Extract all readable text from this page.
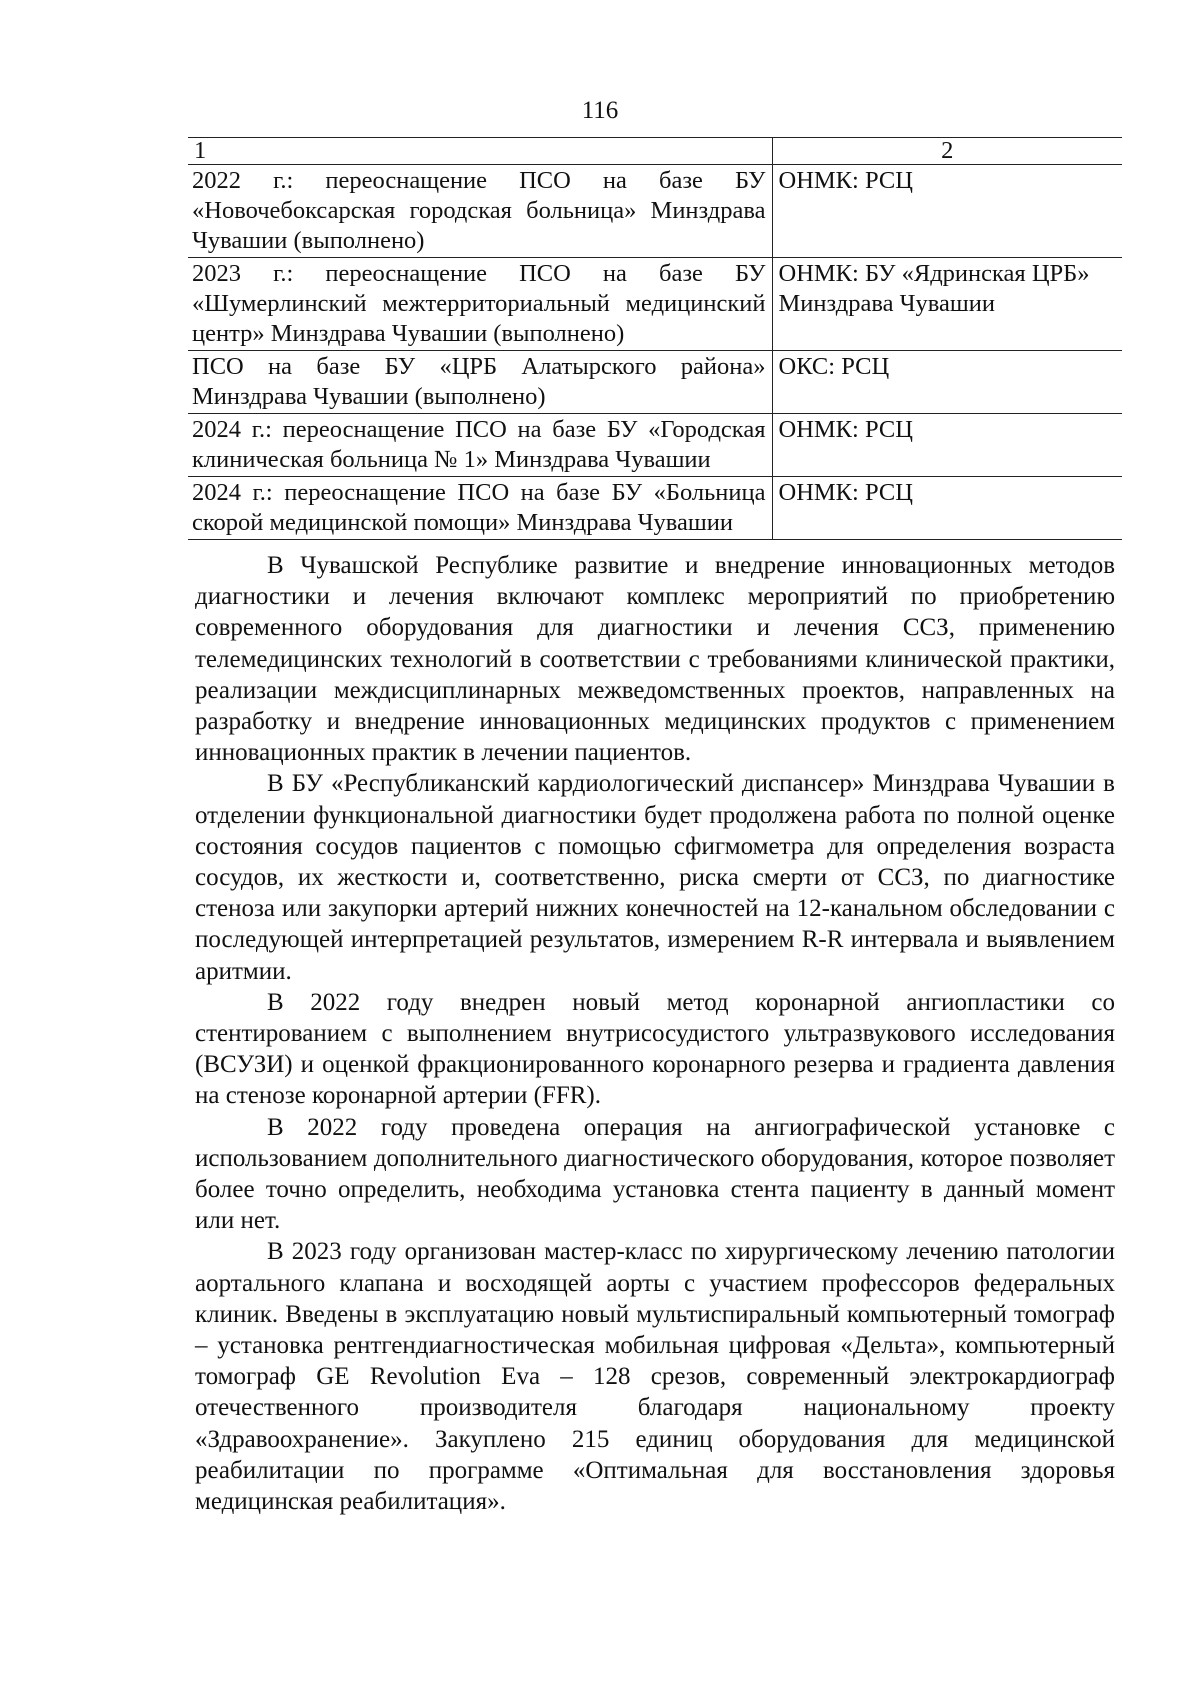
116
1	2
2022 г.: переоснащение ПСО на базе БУ «Новочебоксарская городская больница» Минздрава Чувашии (выполнено)	ОНМК: РСЦ
2023 г.: переоснащение ПСО на базе БУ «Шумерлинский межтерриториальный медицинский центр» Минздрава Чувашии (выполнено)	ОНМК: БУ «Ядринская ЦРБ» Минздрава Чувашии
ПСО на базе БУ «ЦРБ Алатырского района» Минздрава Чувашии (выполнено)	ОКС: РСЦ
2024 г.: переоснащение ПСО на базе БУ «Городская клиническая больница № 1» Минздрава Чувашии	ОНМК: РСЦ
2024 г.: переоснащение ПСО на базе БУ «Больница скорой медицинской помощи» Минздрава Чувашии	ОНМК: РСЦ

В Чувашской Республике развитие и внедрение инновационных методов диагностики и лечения включают комплекс мероприятий по приобретению современного оборудования для диагностики и лечения ССЗ, применению телемедицинских технологий в соответствии с требованиями клинической практики, реализации междисциплинарных межведомственных проектов, направленных на разработку и внедрение инновационных медицинских продуктов с применением инновационных практик в лечении пациентов.

В БУ «Республиканский кардиологический диспансер» Минздрава Чувашии в отделении функциональной диагностики будет продолжена работа по полной оценке состояния сосудов пациентов с помощью сфигмометра для определения возраста сосудов, их жесткости и, соответственно, риска смерти от ССЗ, по диагностике стеноза или закупорки артерий нижних конечностей на 12-канальном обследовании с последующей интерпретацией результатов, измерением R-R интервала и выявлением аритмии.

В 2022 году внедрен новый метод коронарной ангиопластики со стентированием с выполнением внутрисосудистого ультразвукового исследования (ВСУЗИ) и оценкой фракционированного коронарного резерва и градиента давления на стенозе коронарной артерии (FFR).

В 2022 году проведена операция на ангиографической установке с использованием дополнительного диагностического оборудования, которое позволяет более точно определить, необходима установка стента пациенту в данный момент или нет.

В 2023 году организован мастер-класс по хирургическому лечению патологии аортального клапана и восходящей аорты с участием профессоров федеральных клиник. Введены в эксплуатацию новый мультиспиральный компьютерный томограф – установка рентгендиагностическая мобильная цифровая «Дельта», компьютерный томограф GE Revolution Eva – 128 срезов, современный электрокардиограф отечественного производителя благодаря национальному проекту «Здравоохранение». Закуплено 215 единиц оборудования для медицинской реабилитации по программе «Оптимальная для восстановления здоровья медицинская реабилитация».
